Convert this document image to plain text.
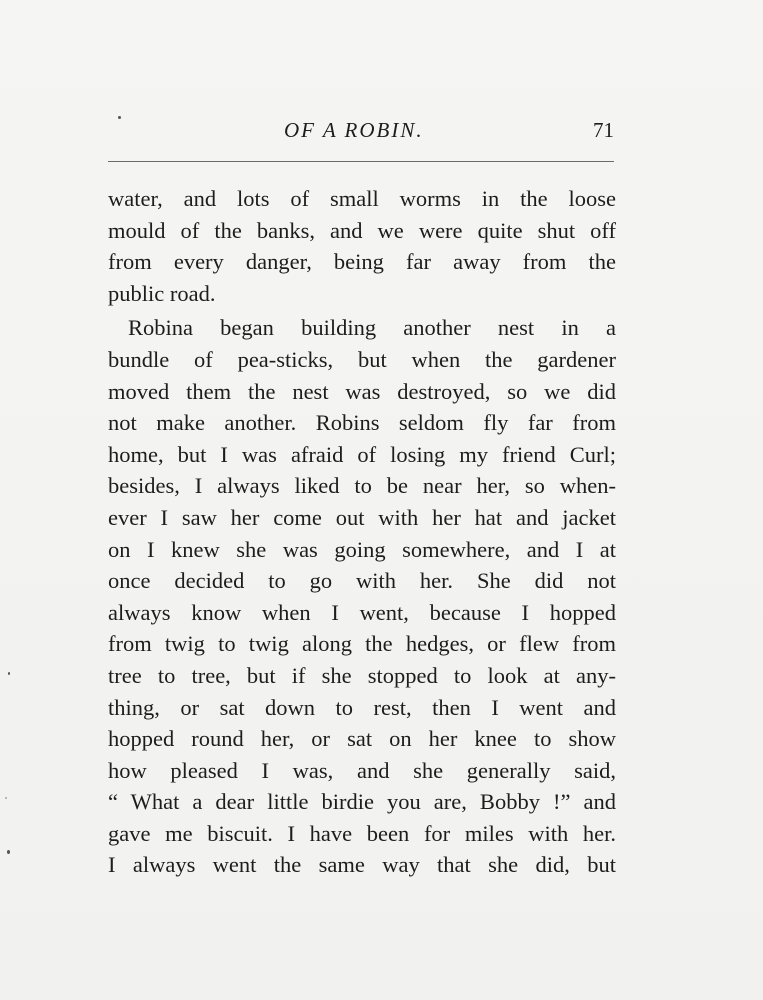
OF A ROBIN.	71
water, and lots of small worms in the loose
mould of the banks, and we were quite shut off
from every danger, being far away from the
public road.
Robina began building another nest in a
bundle of pea-sticks, but when the gardener
moved them the nest was destroyed, so we did
not make another. Robins seldom fly far from
home, but I was afraid of losing my friend Curl;
besides, I always liked to be near her, so when-
ever I saw her come out with her hat and jacket
on I knew she was going somewhere, and I at
once decided to go with her. She did not
always know when I went, because I hopped
from twig to twig along the hedges, or flew from
tree to tree, but if she stopped to look at any-
thing, or sat down to rest, then I went and
hopped round her, or sat on her knee to show
how pleased I was, and she generally said,
“ What a dear little birdie you are, Bobby !” and
gave me biscuit. I have been for miles with her.
I always went the same way that she did, but
